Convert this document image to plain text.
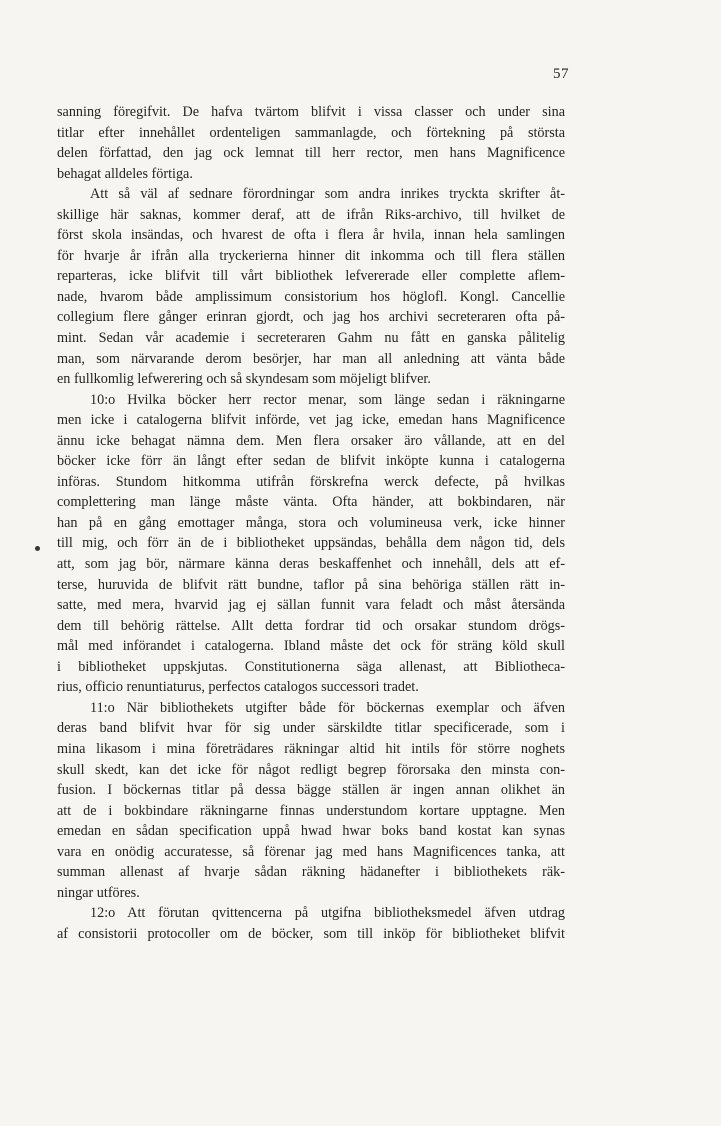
57
sanning föregifvit. De hafva tvärtom blifvit i vissa classer och under sina
titlar efter innehållet ordenteligen sammanlagde, och förtekning på största
delen författad, den jag ock lemnat till herr rector, men hans Magnificence
behagat alldeles förtiga.
Att så väl af sednare förordningar som andra inrikes tryckta skrifter åt-
skillige här saknas, kommer deraf, att de ifrån Riks-archivo, till hvilket de
först skola insändas, och hvarest de ofta i flera år hvila, innan hela samlingen
för hvarje år ifrån alla tryckerierna hinner dit inkomma och till flera ställen
reparteras, icke blifvit till vårt bibliothek lefvererade eller complette aflem-
nade, hvarom både amplissimum consistorium hos höglofl. Kongl. Cancellie
collegium flere gånger erinran gjordt, och jag hos archivi secreteraren ofta på-
mint. Sedan vår academie i secreteraren Gahm nu fått en ganska pålitelig
man, som närvarande derom besörjer, har man all anledning att vänta både
en fullkomlig lefwerering och så skyndesam som möjeligt blifver.
10:o Hvilka böcker herr rector menar, som länge sedan i räkningarne
men icke i catalogerna blifvit införde, vet jag icke, emedan hans Magnificence
ännu icke behagat nämna dem. Men flera orsaker äro vållande, att en del
böcker icke förr än långt efter sedan de blifvit inköpte kunna i catalogerna
införas. Stundom hitkomma utifrån förskrefna werck defecte, på hvilkas
complettering man länge måste vänta. Ofta händer, att bokbindaren, när
han på en gång emottager många, stora och voluminеusa verk, icke hinner
till mig, och förr än de i bibliotheket uppsändas, behålla dem någon tid, dels
att, som jag bör, närmare känna deras beskaffenhet och innehåll, dels att ef-
terse, huruvida de blifvit rätt bundne, taflor på sina behöriga ställen rätt in-
satte, med mera, hvarvid jag ej sällan funnit vara feladt och måst återsända
dem till behörig rättelse. Allt detta fordrar tid och orsakar stundom drögs-
mål med införandet i catalogerna. Ibland måste det ock för sträng köld skull
i bibliotheket uppskjutas. Constitutionerna säga allenast, att Bibliotheca-
rius, officio renuntiaturus, perfectos catalogos successori tradet.
11:o När bibliothekets utgifter både för böckernas exemplar och äfven
deras band blifvit hvar för sig under särskildte titlar specificerade, som i
mina likasom i mina företrädares räkningar altid hit intils för större noghets
skull skedt, kan det icke för något redligt begrep förorsaka den minsta con-
fusion. I böckernas titlar på dessa bägge ställen är ingen annan olikhet än
att de i bokbindare räkningarne finnas understundom kortare upptagne. Men
emedan en sådan specification uppå hwad hwar boks band kostat kan synas
vara en onödig accuratesse, så förenar jag med hans Magnificences tanka, att
summan allenast af hvarje sådan räkning hädanefter i bibliothekets räk-
ningar utföres.
12:o Att förutan qvittencerna på utgifna bibliotheksmedel äfven utdrag
af consistorii protocoller om de böcker, som till inköp för bibliotheket blifvit
